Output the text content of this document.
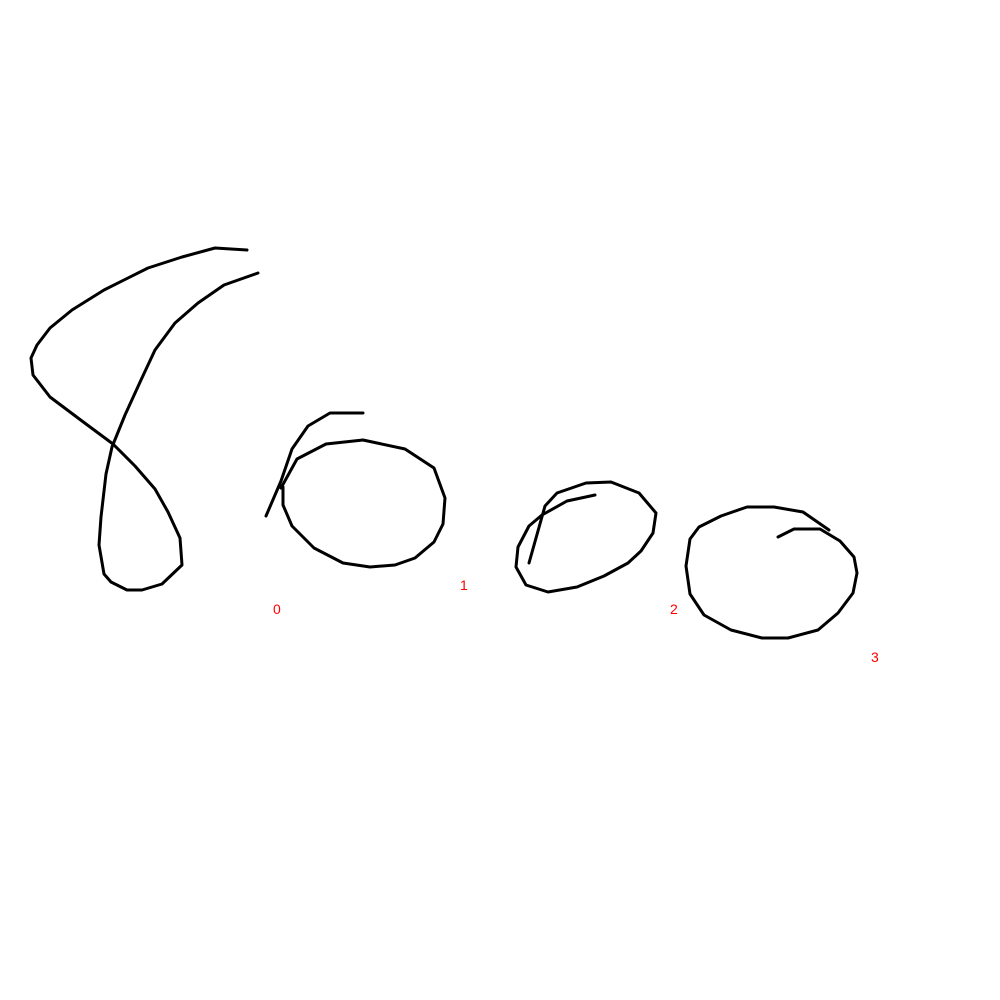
0
1
2
3
